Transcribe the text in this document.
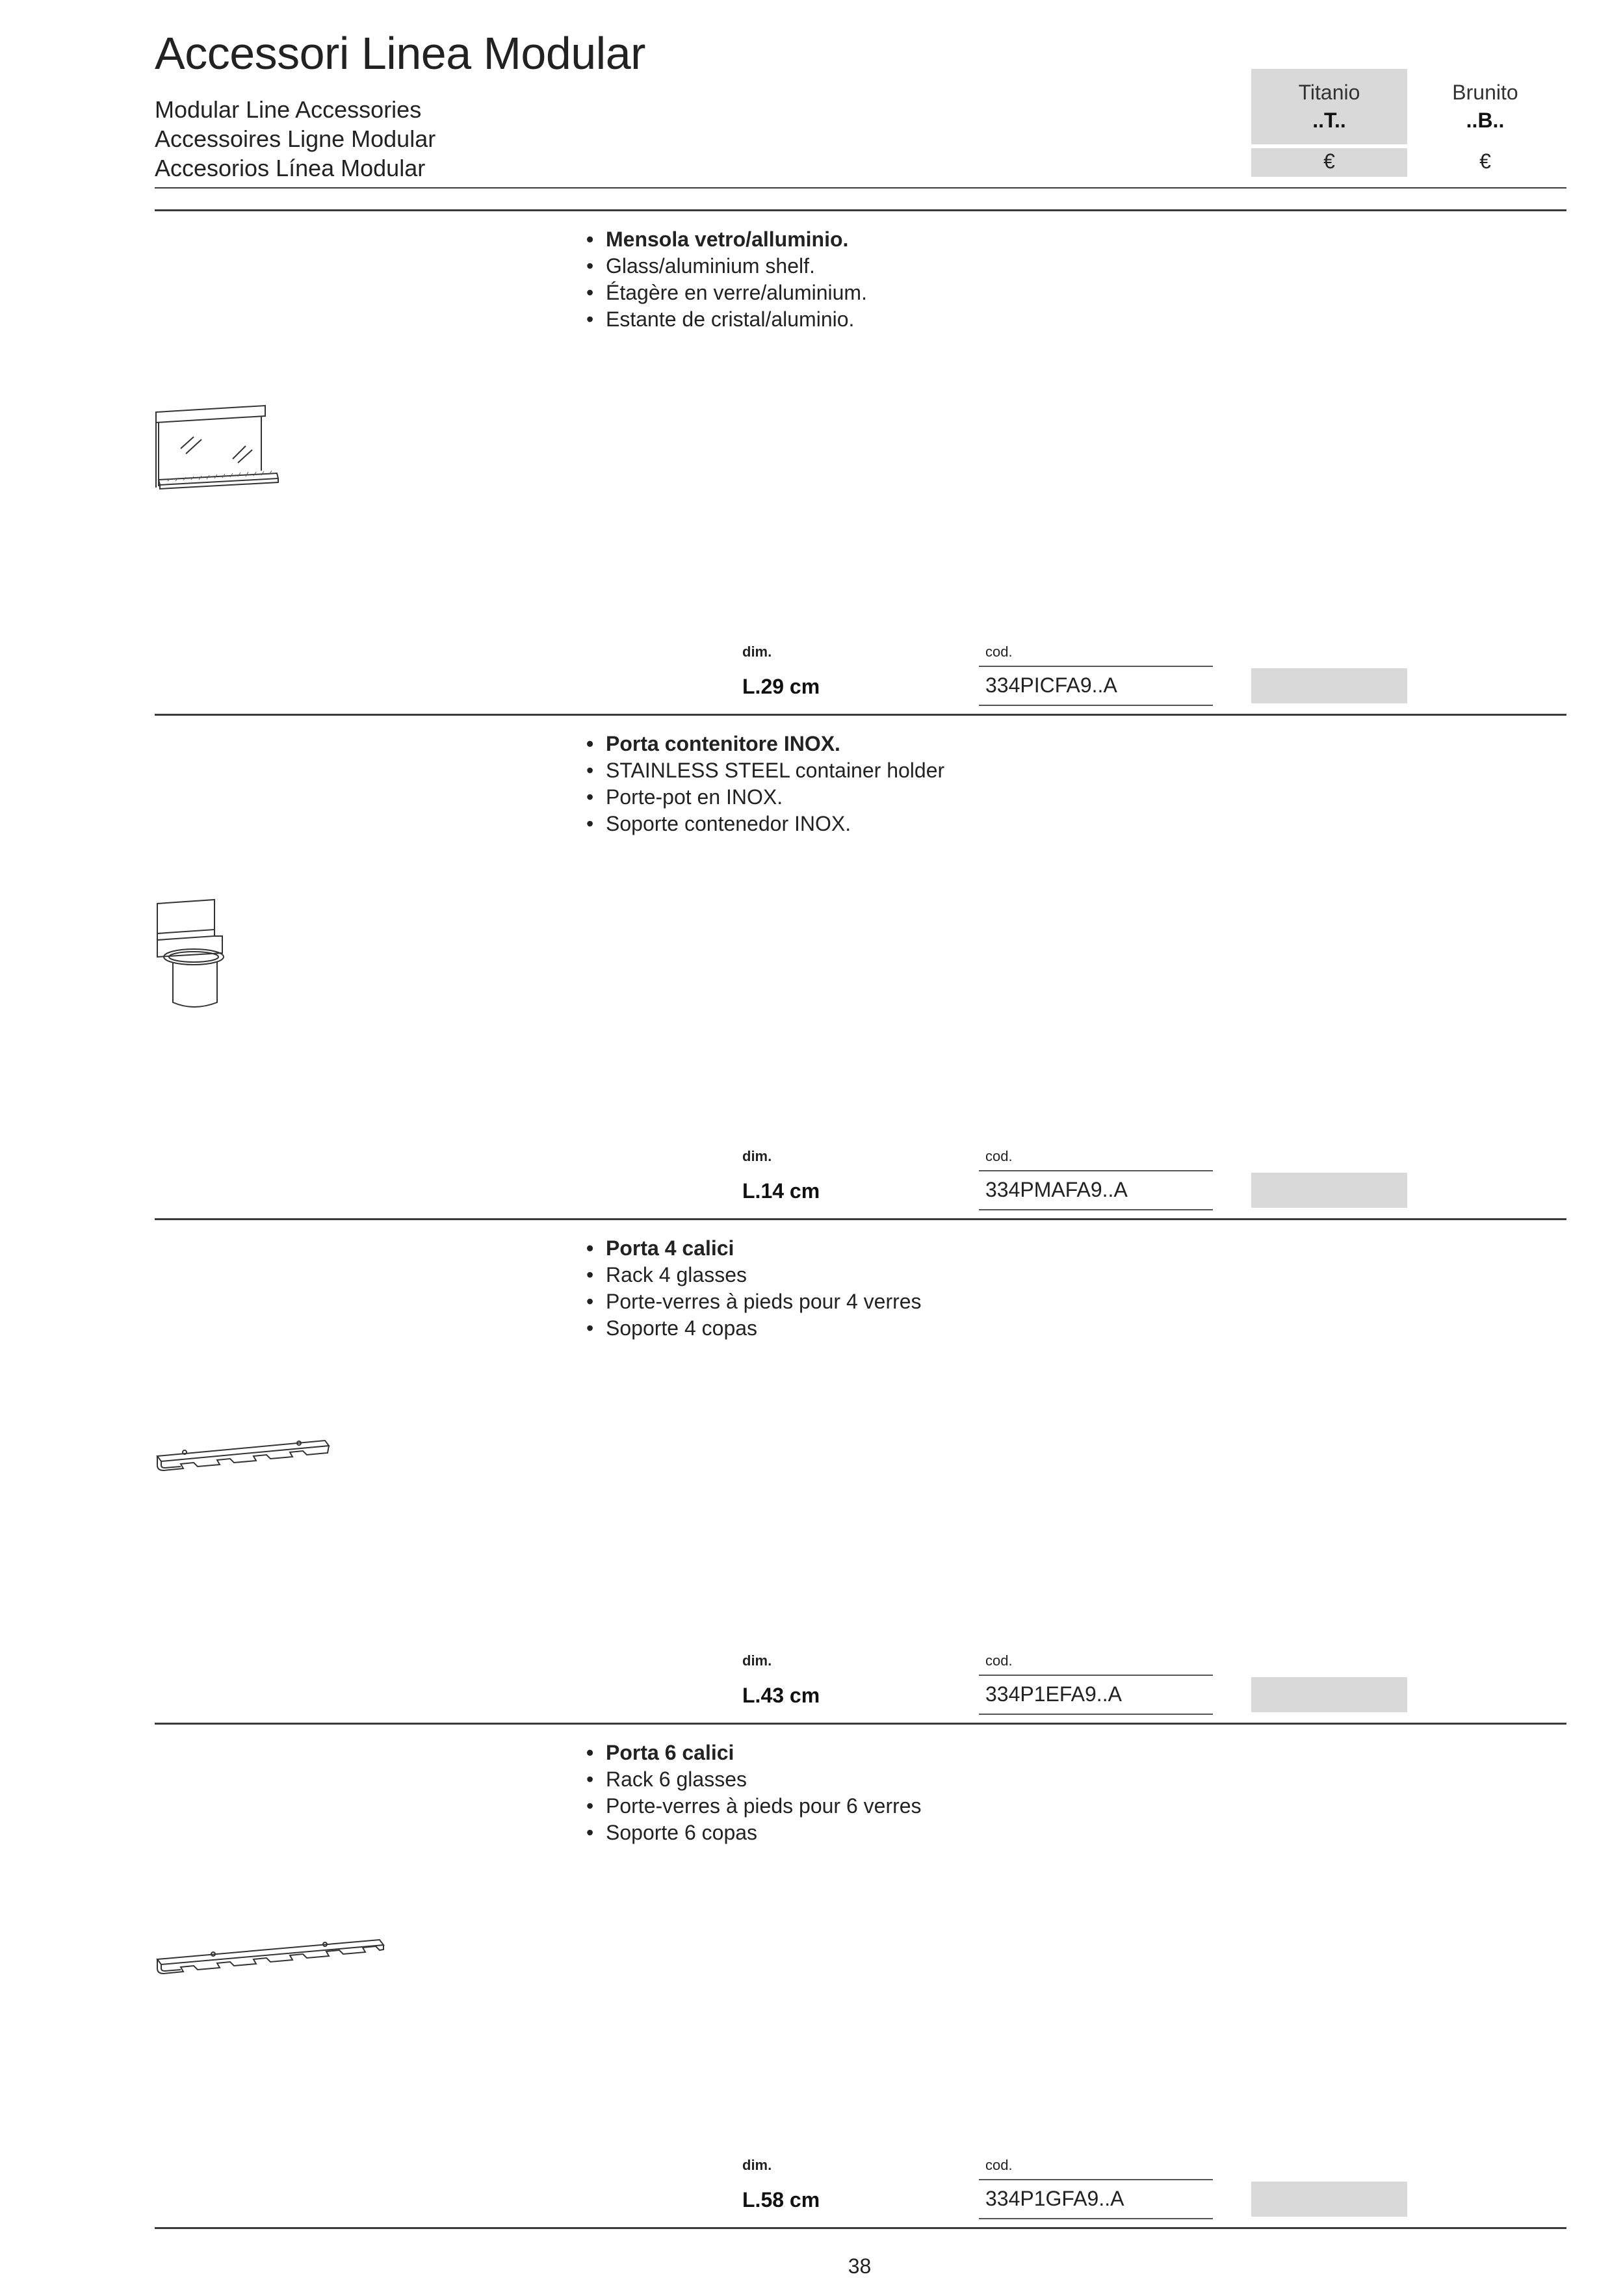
Accessori Linea Modular
Modular Line Accessories
Accessoires Ligne Modular
Accesorios Línea Modular
Titanio
..T..
Brunito
..B..
€	€
• Mensola vetro/alluminio.
• Glass/aluminium shelf.
• Étagère en verre/aluminium.
• Estante de cristal/aluminio.
dim.	cod.
L.29 cm	334PICFA9..A
• Porta contenitore INOX.
• STAINLESS STEEL container holder
• Porte-pot en INOX.
• Soporte contenedor INOX.
dim.	cod.
L.14 cm	334PMAFA9..A
• Porta 4 calici
• Rack 4 glasses
• Porte-verres à pieds pour 4 verres
• Soporte 4 copas
dim.	cod.
L.43 cm	334P1EFA9..A
• Porta 6 calici
• Rack 6 glasses
• Porte-verres à pieds pour 6 verres
• Soporte 6 copas
dim.	cod.
L.58 cm	334P1GFA9..A
38
